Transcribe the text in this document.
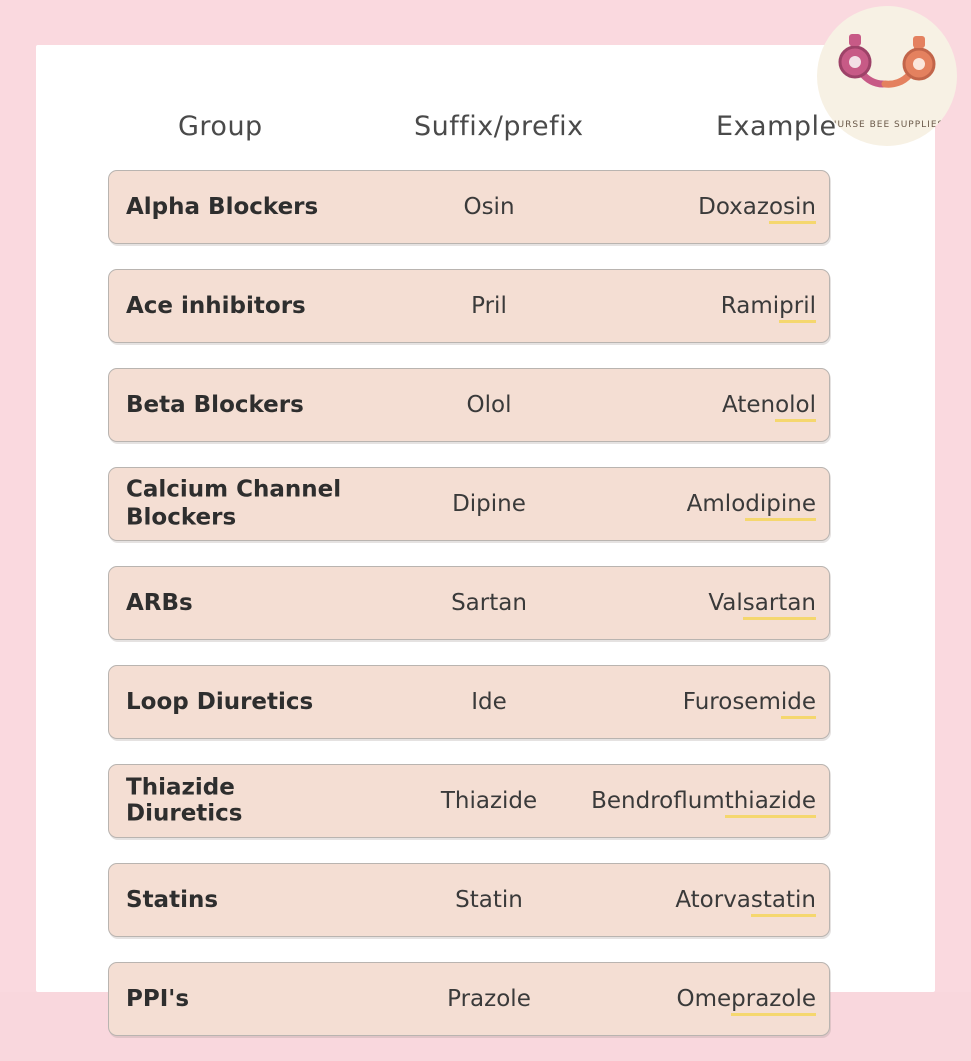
Group	Suffix/prefix	Example
Alpha Blockers	Osin	Doxazosin
Ace inhibitors	Pril	Ramipril
Beta Blockers	Olol	Atenolol
Calcium Channel Blockers	Dipine	Amlodipine
ARBs	Sartan	Valsartan
Loop Diuretics	Ide	Furosemide
Thiazide Diuretics	Thiazide	Bendroflumthiazide
Statins	Statin	Atorvastatin
PPI's	Prazole	Omeprazole
NURSE BEE SUPPLIES
